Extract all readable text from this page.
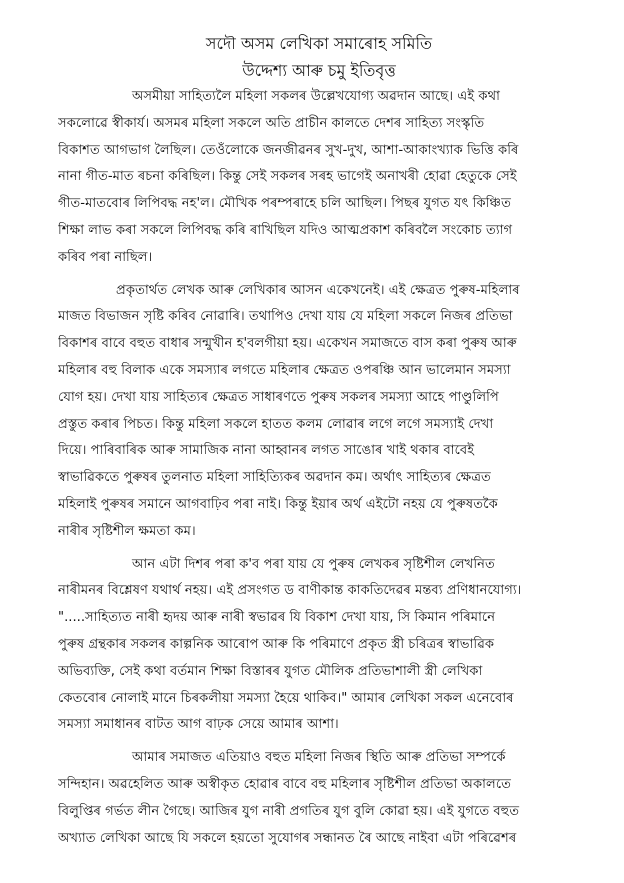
সদৌ অসম লেখিকা সমাৰোহ সমিতি
উদ্দেশ্য আৰু চমু ইতিবৃত্ত
অসমীয়া সাহিত্যলৈ মহিলা সকলৰ উল্লেখযোগ্য অৱদান আছে। এই কথা
সকলোৱে স্বীকাৰ্য। অসমৰ মহিলা সকলে অতি প্ৰাচীন কালতে দেশৰ সাহিত্য সংস্কৃতি
বিকাশত আগভাগ লৈছিল। তেওঁলোকে জনজীৱনৰ সুখ-দুখ, আশা-আকাংখ্যাক ভিত্তি কৰি
নানা গীত-মাত ৰচনা কৰিছিল। কিন্তু সেই সকলৰ সৰহ ভাগেই অনাখৰী হোৱা হেতুকে সেই
গীত-মাতবোৰ লিপিবদ্ধ নহ'ল। মৌখিক পৰম্পৰাহে চলি আছিল। পিছৰ যুগত যৎ কিঞ্চিত
শিক্ষা লাভ কৰা সকলে লিপিবদ্ধ কৰি ৰাখিছিল যদিও আত্মপ্ৰকাশ কৰিবলৈ সংকোচ ত্যাগ
কৰিব পৰা নাছিল।
প্ৰকৃতাৰ্থত লেখক আৰু লেখিকাৰ আসন একেখনেই। এই ক্ষেত্ৰত পুৰুষ-মহিলাৰ
মাজত বিভাজন সৃষ্টি কৰিব নোৱাৰি। তথাপিও দেখা যায় যে মহিলা সকলে নিজৰ প্ৰতিভা
বিকাশৰ বাবে বহুত বাধাৰ সন্মুখীন হ'বলগীয়া হয়। একেখন সমাজতে বাস কৰা পুৰুষ আৰু
মহিলাৰ বহু বিলাক একে সমস্যাৰ লগতে মহিলাৰ ক্ষেত্ৰত ওপৰঞ্চি আন ভালেমান সমস্যা
যোগ হয়। দেখা যায় সাহিত্যৰ ক্ষেত্ৰত সাধাৰণতে পুৰুষ সকলৰ সমস্যা আহে পাণ্ডুলিপি
প্ৰস্তুত কৰাৰ পিচত। কিন্তু মহিলা সকলে হাতত কলম লোৱাৰ লগে লগে সমস্যাই দেখা
দিয়ে। পাৰিবাৰিক আৰু সামাজিক নানা আহ্বানৰ লগত সাঙোৰ খাই থকাৰ বাবেই
স্বাভাৱিকতে পুৰুষৰ তুলনাত মহিলা সাহিত্যিকৰ অৱদান কম। অৰ্থাৎ সাহিত্যৰ ক্ষেত্ৰত
মহিলাই পুৰুষৰ সমানে আগবাঢ়িব পৰা নাই। কিন্তু ইয়াৰ অৰ্থ এইটো নহয় যে পুৰুষতকৈ
নাৰীৰ সৃষ্টিশীল ক্ষমতা কম।
আন এটা দিশৰ পৰা ক'ব পৰা যায় যে পুৰুষ লেখকৰ সৃষ্টিশীল লেখনিত
নাৰীমনৰ বিশ্লেষণ যথাৰ্থ নহয়। এই প্ৰসংগত ড বাণীকান্ত কাকতিদেৱৰ মন্তব্য প্ৰণিধানযোগ্য।
".....সাহিত্যত নাৰী হৃদয় আৰু নাৰী স্বভাৱৰ যি বিকাশ দেখা যায়, সি কিমান পৰিমানে
পুৰুষ গ্ৰন্থকাৰ সকলৰ কাল্পনিক আৰোপ আৰু কি পৰিমাণে প্ৰকৃত স্ত্ৰী চৰিত্ৰৰ স্বাভাৱিক
অভিব্যক্তি, সেই কথা বৰ্তমান শিক্ষা বিস্তাৰৰ যুগত মৌলিক প্ৰতিভাশালী স্ত্ৰী লেখিকা
কেতবোৰ নোলাই মানে চিৰকলীয়া সমস্যা হৈয়ে থাকিব।" আমাৰ লেখিকা সকল এনেবোৰ
সমস্যা সমাধানৰ বাটত আগ বাঢ়ক সেয়ে আমাৰ আশা।
আমাৰ সমাজত এতিয়াও বহুত মহিলা নিজৰ স্থিতি আৰু প্ৰতিভা সম্পৰ্কে
সন্দিহান। অৱহেলিত আৰু অস্বীকৃত হোৱাৰ বাবে বহু মহিলাৰ সৃষ্টিশীল প্ৰতিভা অকালতে
বিলুপ্তিৰ গৰ্ভত লীন গৈছে। আজিৰ যুগ নাৰী প্ৰগতিৰ যুগ বুলি কোৱা হয়। এই যুগতে বহুত
অখ্যাত লেখিকা আছে যি সকলে হয়তো সুযোগৰ সন্ধানত ৰৈ আছে নাইবা এটা পৰিৱেশৰ
